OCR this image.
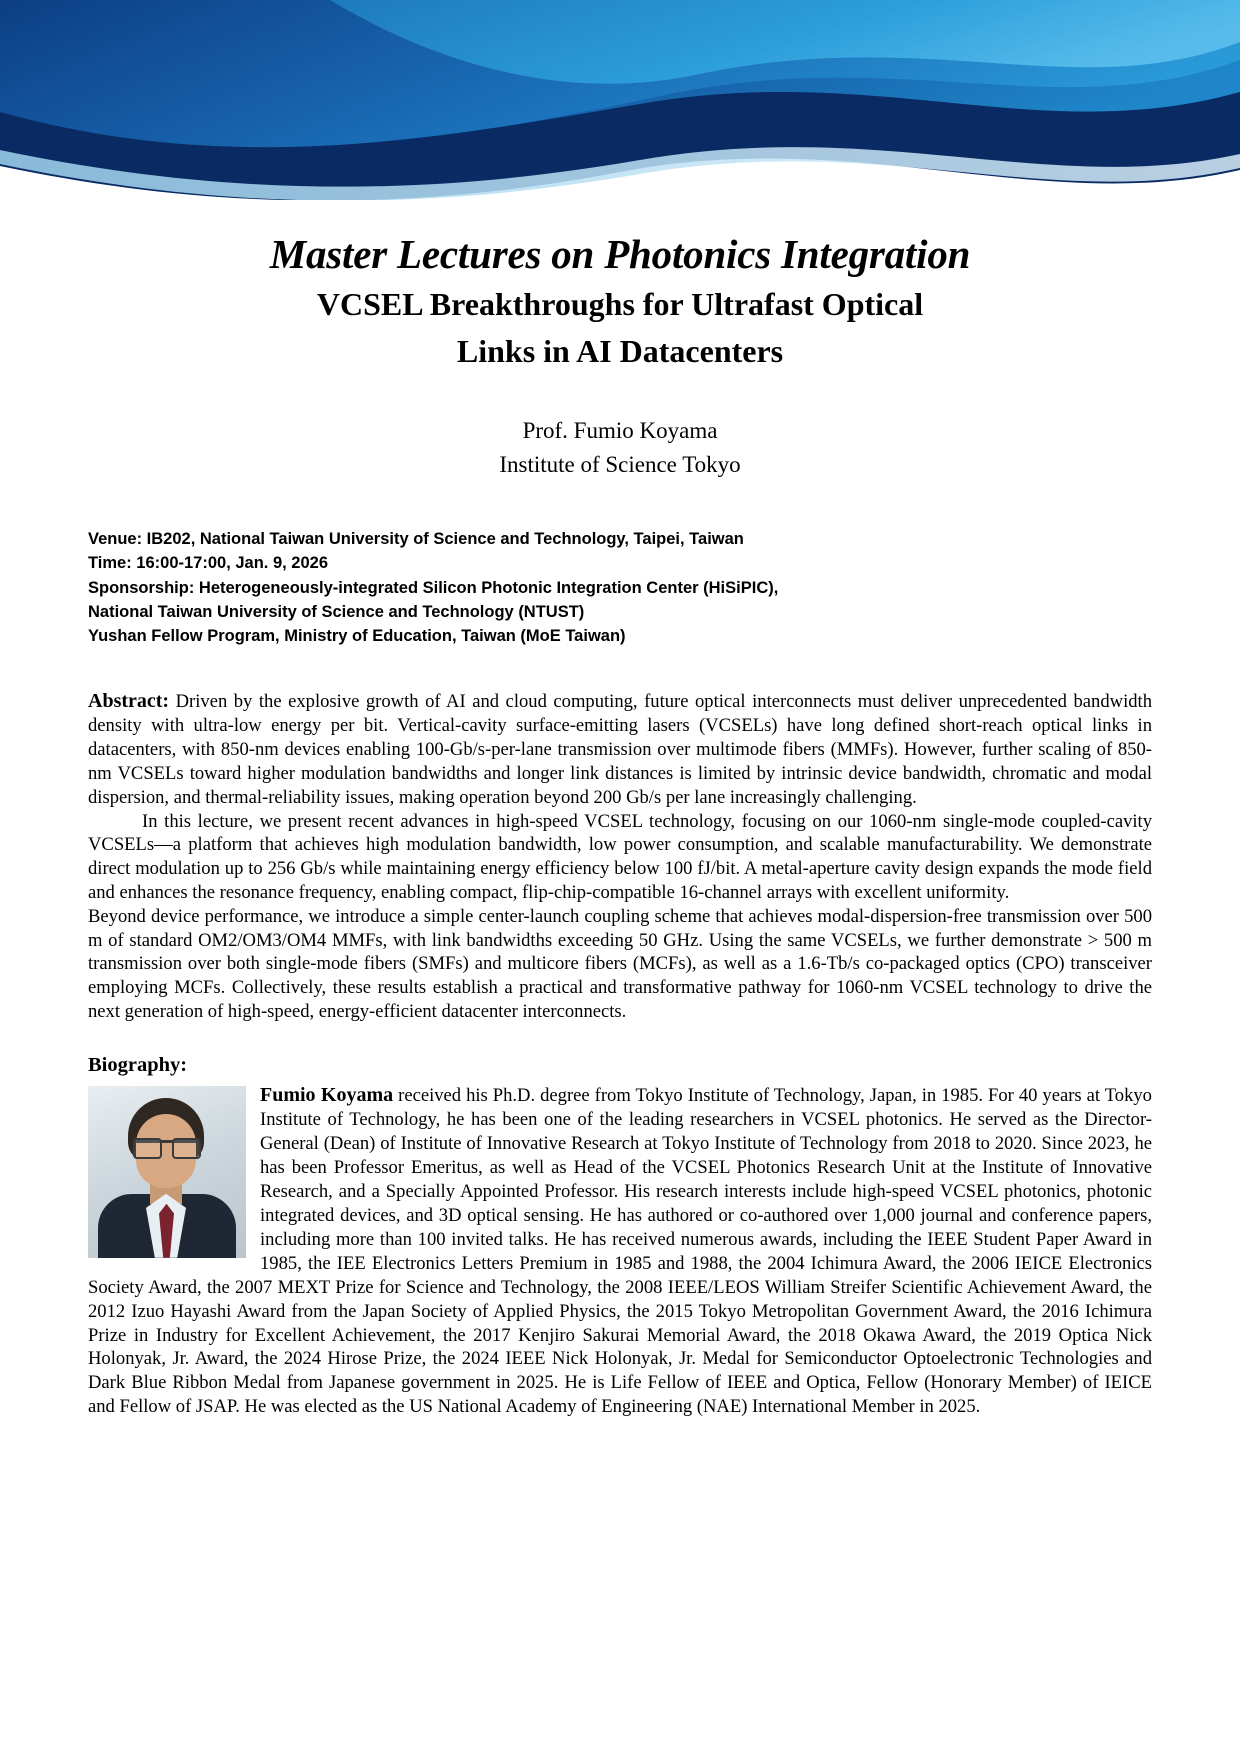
Master Lectures on Photonics Integration
VCSEL Breakthroughs for Ultrafast Optical
Links in AI Datacenters
Prof. Fumio Koyama
Institute of Science Tokyo
Venue: IB202, National Taiwan University of Science and Technology, Taipei, Taiwan
Time: 16:00-17:00, Jan. 9, 2026
Sponsorship: Heterogeneously-integrated Silicon Photonic Integration Center (HiSiPIC),
National Taiwan University of Science and Technology (NTUST)
Yushan Fellow Program, Ministry of Education, Taiwan (MoE Taiwan)

Abstract: Driven by the explosive growth of AI and cloud computing, future optical interconnects must deliver unprecedented bandwidth density with ultra-low energy per bit. Vertical-cavity surface-emitting lasers (VCSELs) have long defined short-reach optical links in datacenters, with 850-nm devices enabling 100-Gb/s-per-lane transmission over multimode fibers (MMFs). However, further scaling of 850-nm VCSELs toward higher modulation bandwidths and longer link distances is limited by intrinsic device bandwidth, chromatic and modal dispersion, and thermal-reliability issues, making operation beyond 200 Gb/s per lane increasingly challenging.

In this lecture, we present recent advances in high-speed VCSEL technology, focusing on our 1060-nm single-mode coupled-cavity VCSELs—a platform that achieves high modulation bandwidth, low power consumption, and scalable manufacturability. We demonstrate direct modulation up to 256 Gb/s while maintaining energy efficiency below 100 fJ/bit. A metal-aperture cavity design expands the mode field and enhances the resonance frequency, enabling compact, flip-chip-compatible 16-channel arrays with excellent uniformity.

Beyond device performance, we introduce a simple center-launch coupling scheme that achieves modal-dispersion-free transmission over 500 m of standard OM2/OM3/OM4 MMFs, with link bandwidths exceeding 50 GHz. Using the same VCSELs, we further demonstrate > 500 m transmission over both single-mode fibers (SMFs) and multicore fibers (MCFs), as well as a 1.6-Tb/s co-packaged optics (CPO) transceiver employing MCFs. Collectively, these results establish a practical and transformative pathway for 1060-nm VCSEL technology to drive the next generation of high-speed, energy-efficient datacenter interconnects.

Biography:
Fumio Koyama received his Ph.D. degree from Tokyo Institute of Technology, Japan, in 1985. For 40 years at Tokyo Institute of Technology, he has been one of the leading researchers in VCSEL photonics. He served as the Director-General (Dean) of Institute of Innovative Research at Tokyo Institute of Technology from 2018 to 2020. Since 2023, he has been Professor Emeritus, as well as Head of the VCSEL Photonics Research Unit at the Institute of Innovative Research, and a Specially Appointed Professor. His research interests include high-speed VCSEL photonics, photonic integrated devices, and 3D optical sensing. He has authored or co-authored over 1,000 journal and conference papers, including more than 100 invited talks. He has received numerous awards, including the IEEE Student Paper Award in 1985, the IEE Electronics Letters Premium in 1985 and 1988, the 2004 Ichimura Award, the 2006 IEICE Electronics Society Award, the 2007 MEXT Prize for Science and Technology, the 2008 IEEE/LEOS William Streifer Scientific Achievement Award, the 2012 Izuo Hayashi Award from the Japan Society of Applied Physics, the 2015 Tokyo Metropolitan Government Award, the 2016 Ichimura Prize in Industry for Excellent Achievement, the 2017 Kenjiro Sakurai Memorial Award, the 2018 Okawa Award, the 2019 Optica Nick Holonyak, Jr. Award, the 2024 Hirose Prize, the 2024 IEEE Nick Holonyak, Jr. Medal for Semiconductor Optoelectronic Technologies and Dark Blue Ribbon Medal from Japanese government in 2025. He is Life Fellow of IEEE and Optica, Fellow (Honorary Member) of IEICE and Fellow of JSAP. He was elected as the US National Academy of Engineering (NAE) International Member in 2025.
